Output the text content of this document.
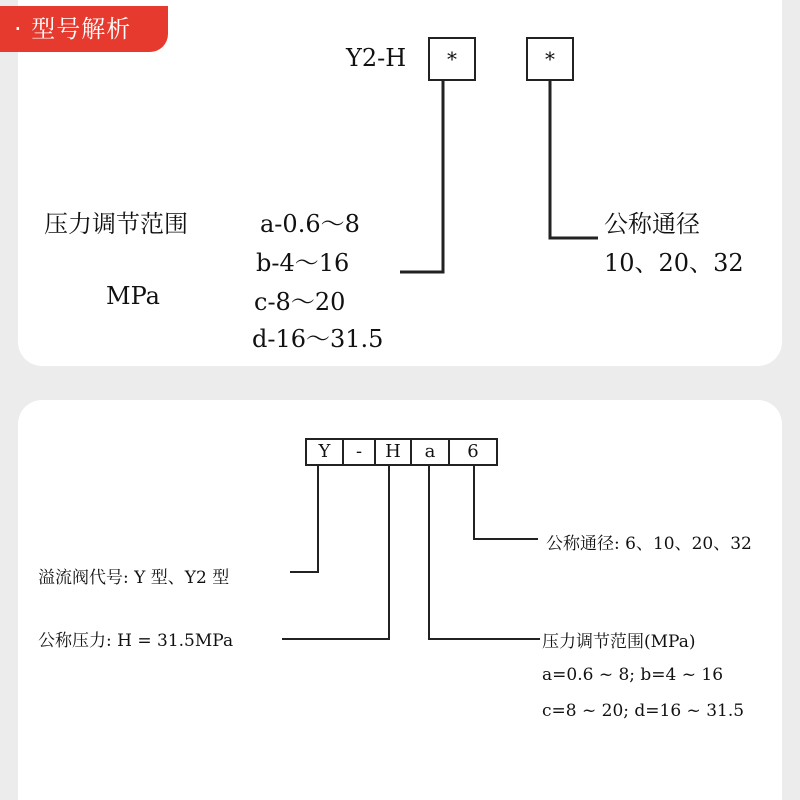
· 型号解析
Y2-H	*	*
压力调节范围
MPa
a-0.6～8
b-4～16
c-8～20
d-16～31.5
公称通径
10、20、32
Y	-	H	a	6
公称通径: 6、10、20、32
溢流阀代号: Y 型、Y2 型
公称压力: H = 31.5MPa	压力调节范围(MPa)
a=0.6 ~ 8; b=4 ~ 16
c=8 ~ 20; d=16 ~ 31.5
